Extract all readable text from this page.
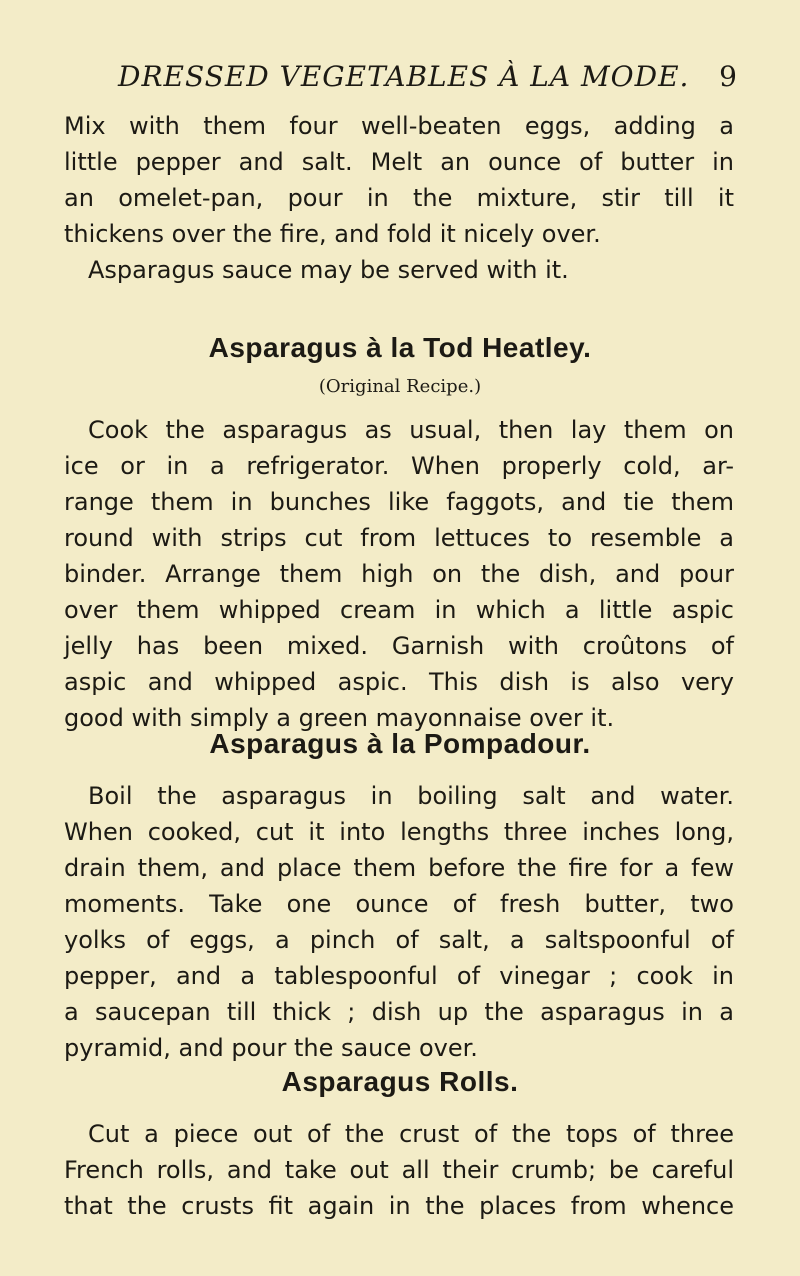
DRESSED VEGETABLES À LA MODE. 9
Mix with them four well-beaten eggs, adding a
little pepper and salt. Melt an ounce of butter in
an omelet-pan, pour in the mixture, stir till it
thickens over the fire, and fold it nicely over.
Asparagus sauce may be served with it.
Asparagus à la Tod Heatley.
(Original Recipe.)
Cook the asparagus as usual, then lay them on
ice or in a refrigerator. When properly cold, ar-
range them in bunches like faggots, and tie them
round with strips cut from lettuces to resemble a
binder. Arrange them high on the dish, and pour
over them whipped cream in which a little aspic
jelly has been mixed. Garnish with croûtons of
aspic and whipped aspic. This dish is also very
good with simply a green mayonnaise over it.
Asparagus à la Pompadour.
Boil the asparagus in boiling salt and water.
When cooked, cut it into lengths three inches long,
drain them, and place them before the fire for a few
moments. Take one ounce of fresh butter, two
yolks of eggs, a pinch of salt, a saltspoonful of
pepper, and a tablespoonful of vinegar ; cook in
a saucepan till thick ; dish up the asparagus in a
pyramid, and pour the sauce over.
Asparagus Rolls.
Cut a piece out of the crust of the tops of three
French rolls, and take out all their crumb; be careful
that the crusts fit again in the places from whence
